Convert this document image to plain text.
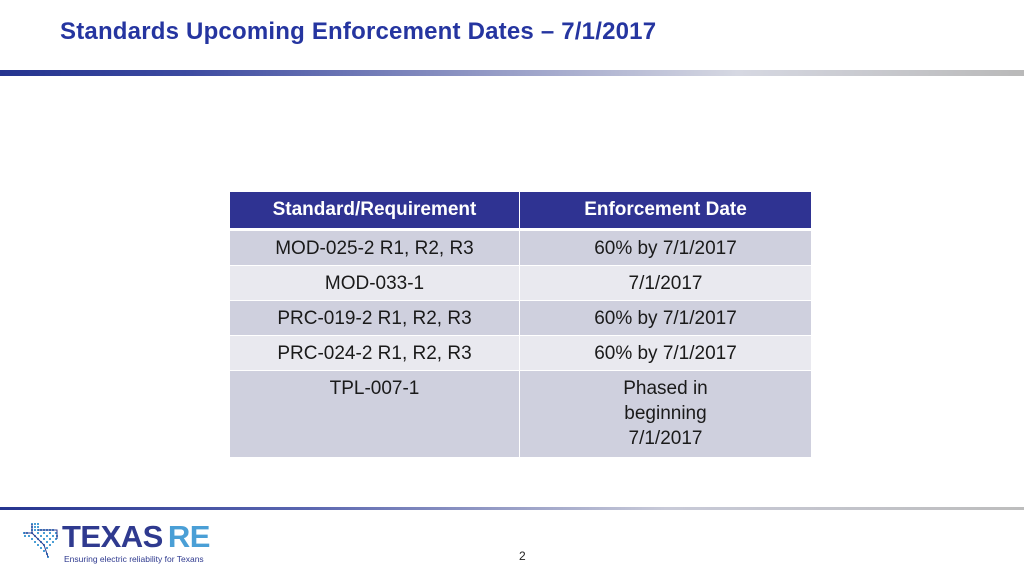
Standards Upcoming Enforcement Dates – 7/1/2017
Standard/Requirement	Enforcement Date
MOD-025-2 R1, R2, R3	60% by 7/1/2017
MOD-033-1	7/1/2017
PRC-019-2 R1, R2, R3	60% by 7/1/2017
PRC-024-2 R1, R2, R3	60% by 7/1/2017
TPL-007-1	Phased in beginning 7/1/2017
TEXAS RE
Ensuring electric reliability for Texans	2
